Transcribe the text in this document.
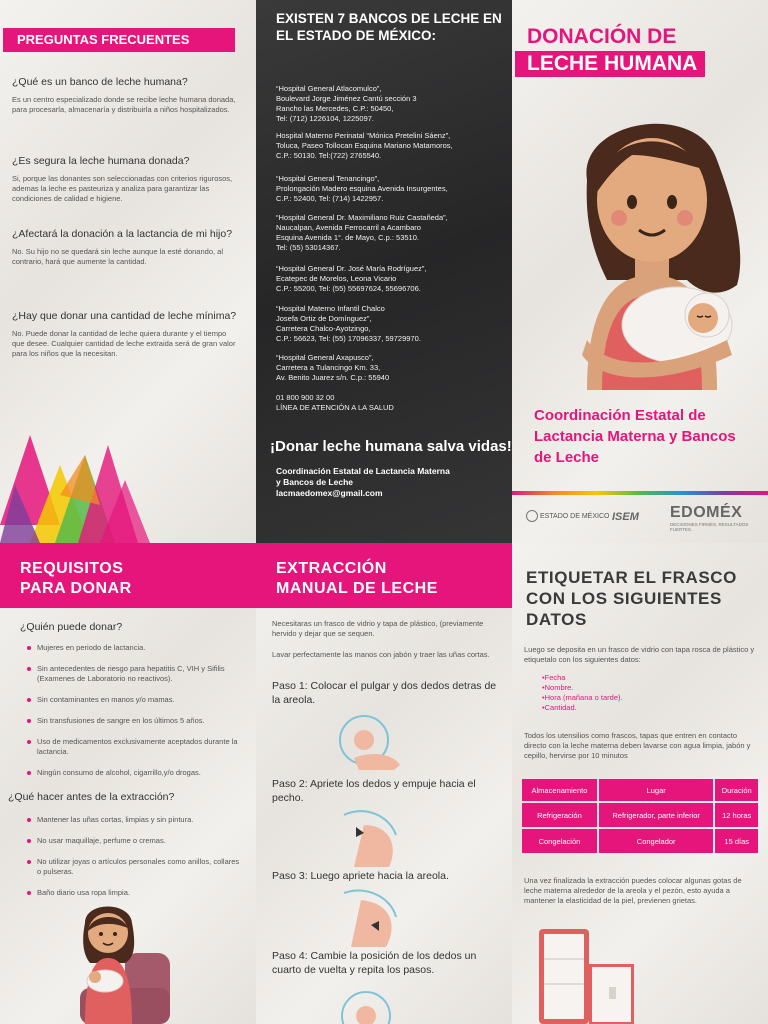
PREGUNTAS FRECUENTES

¿Qué es un banco de leche humana?

Es un centro especializado donde se recibe leche humana donada, para procesarla, almacenaría y distribuirla a niños hospitalizados.

¿Es segura la leche humana donada?

Si, porque las donantes son seleccionadas con criterios rigurosos, ademas la leche es pasteuriza y analiza para garantizar las condiciones de calidad e higiene.

¿Afectará la donación a la lactancia de mi hijo?

No. Su hijo no se quedará sin leche aunque la esté donando, al contrario, hará que aumente la cantidad.

¿Hay que donar una cantidad de leche mínima?

No. Puede donar la cantidad de leche quiera durante y el tiempo que desee. Cualquier cantidad de leche extraida será de gran valor para los niños que la necesitan.

EXISTEN 7 BANCOS DE LECHE EN EL ESTADO DE MÉXICO:
“Hospital General Atlacomulco”,
Boulevard Jorge Jiménez Cantú sección 3
Rancho las Mercedes, C.P.: 50450,
Tel: (712) 1226104, 1225097.
Hospital Materno Perinatal “Mónica Pretelini Sáenz”,
Toluca, Paseo Tollocan Esquina Mariano Matamoros,
C.P.: 50130. Tel:(722) 2765540.
“Hospital General Tenancingo”,
Prolongación Madero esquina Avenida Insurgentes,
C.P.: 52400, Tel: (714) 1422957.
“Hospital General Dr. Maximiliano Ruiz Castañeda”,
Naucalpan, Avenida Ferrocarril a Acambaro
Esquina Avenida 1°. de Mayo, C.p.: 53510.
Tel: (55) 53014367.
“Hospital General Dr. José María Rodríguez”,
Ecatepec de Morelos, Leona Vicario
C.P.: 55200, Tel: (55) 55697624, 55696706.
“Hospital Materno Infantil Chalco
Josefa Ortiz de Domínguez”,
Carretera Chalco-Ayotzingo,
C.P.: 56623, Tel: (55) 17096337, 59729970.
“Hospital General Axapusco”,
Carretera a Tulancingo Km. 33,
Av. Benito Juarez s/n. C.p.: 55940
01 800 900 32 00
LÍNEA DE ATENCIÓN A LA SALUD
¡Donar leche humana salva vidas!
Coordinación Estatal de Lactancia Materna
y Bancos de Leche
lacmaedomex@gmail.com
DONACIÓN DE
LECHE HUMANA
Coordinación Estatal de Lactancia Materna y Bancos de Leche
ESTADO DE MÉXICO ISEM EDOMÉX
DECISIONES FIRMES, RESULTADOS FUERTES.
REQUISITOS
PARA DONAR
¿Quién puede donar?
Mujeres en periodo de lactancia.
Sin antecedentes de riesgo para hepatitis C, VIH y Sifilis (Examenes de Laboratorio no reactivos).
Sin contaminantes en manos y/o mamas.
Sin transfusiones de sangre en los últimos 5 años.
Uso de medicamentos exclusivamente aceptados durante la lactancia.
Ningún consumo de alcohol, cigarrillo,y/o drogas.
¿Qué hacer antes de la extracción?
Mantener las uñas cortas, limpias y sin pintura.
No usar maquillaje, perfume o cremas.
No utilizar joyas o artículos personales como anillos, collares o pulseras.
Baño diario usa ropa limpia.
EXTRACCIÓN
MANUAL DE LECHE
Necesitaras un frasco de vidrio y tapa de plástico, (previamente hervido y dejar que se sequen.
Lavar perfectamente las manos con jabón y traer las uñas cortas.
Paso 1: Colocar el pulgar y dos dedos detras de la areola.
Paso 2: Apriete los dedos y empuje hacia el pecho.
Paso 3: Luego apriete hacia la areola.
Paso 4: Cambie la posición de los dedos un cuarto de vuelta y repita los pasos.
ETIQUETAR EL FRASCO CON LOS SIGUIENTES DATOS
Luego se deposita en un frasco de vidrio con tapa rosca de plástico y etiquetalo con los siguientes datos:
•Fecha
•Nombre.
•Hora (mañana o tarde).
•Cantidad.
Todos los utensilios como frascos, tapas que entren en contacto directo con la leche materna deben lavarse con agua limpia, jabón y cepillo, hervirse por 10 minutos
Almacenamiento	Lugar	Duración
Refrigeración	Refrigerador, parte inferior	12 horas
Congelación	Congelador	15 días
Una vez finalizada la extracción puedes colocar algunas gotas de leche materna alrededor de la areola y el pezón, esto ayuda a mantener la elasticidad de la piel, previenen grietas.
